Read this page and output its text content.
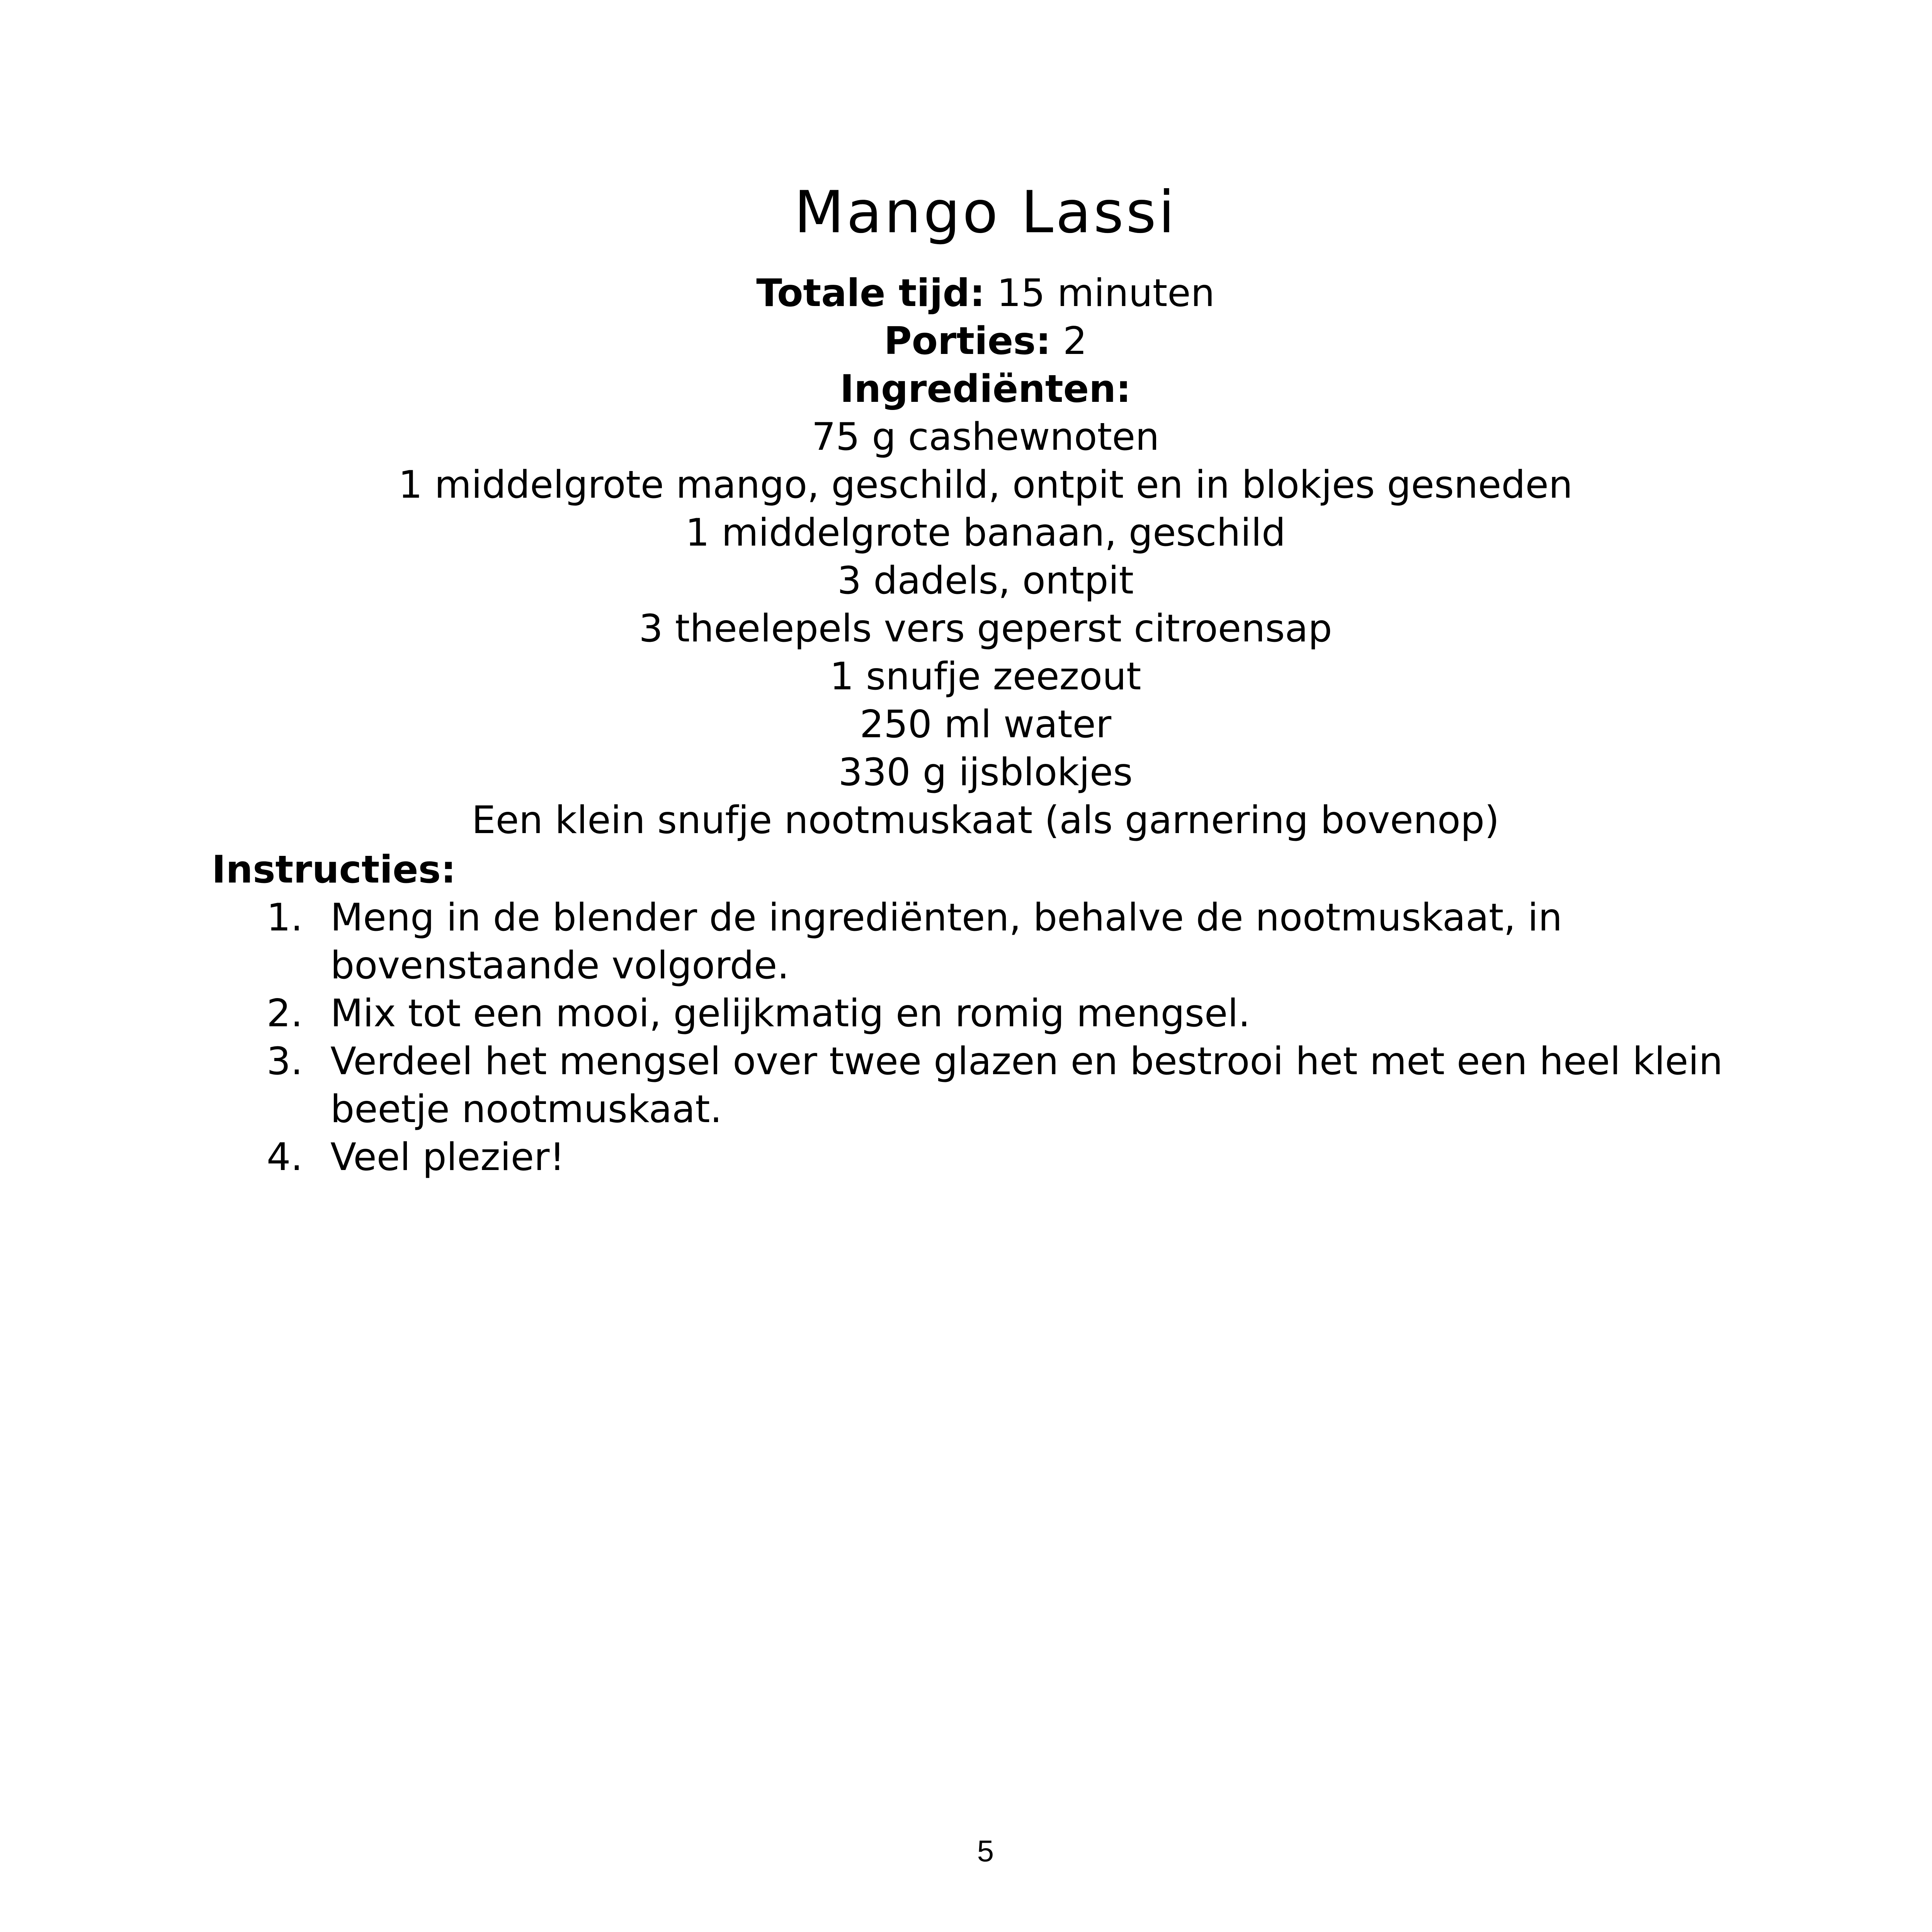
Mango Lassi
Totale tijd: 15 minuten
Porties: 2
Ingrediënten:
75 g cashewnoten
1 middelgrote mango, geschild, ontpit en in blokjes gesneden
1 middelgrote banaan, geschild
3 dadels, ontpit
3 theelepels vers geperst citroensap
1 snufje zeezout
250 ml water
330 g ijsblokjes
Een klein snufje nootmuskaat (als garnering bovenop)
Instructies:
1. Meng in de blender de ingrediënten, behalve de nootmuskaat, in bovenstaande volgorde.
2. Mix tot een mooi, gelijkmatig en romig mengsel.
3. Verdeel het mengsel over twee glazen en bestrooi het met een heel klein beetje nootmuskaat.
4. Veel plezier!
5
